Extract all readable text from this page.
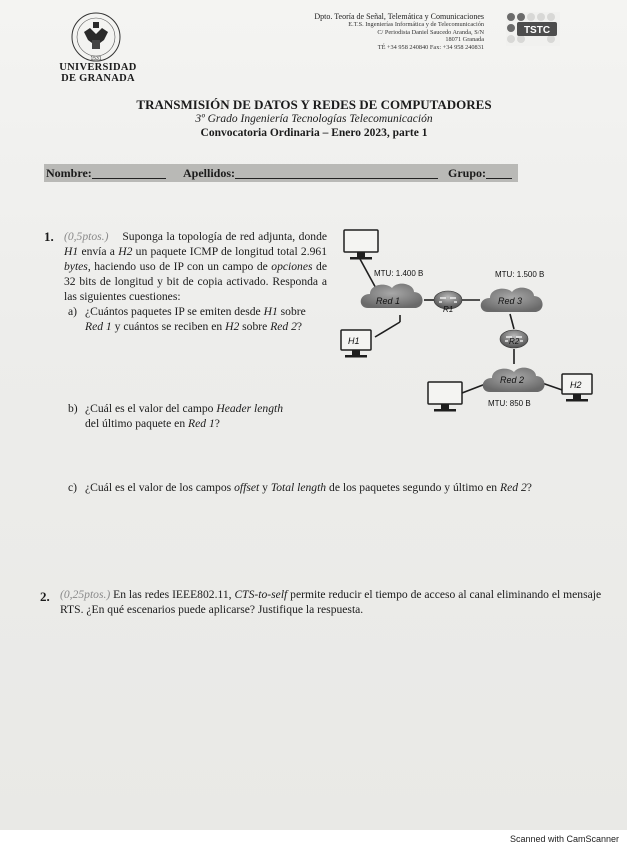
1531
UNIVERSIDAD
DE GRANADA
Dpto. Teoría de Señal, Telemática y Comunicaciones
E.T.S. Ingenierías Informática y de Telecomunicación
C/ Periodista Daniel Saucedo Aranda, S/N
18071 Granada
TÉ +34 958 240840 Fax: +34 958 240831
TSTC
TRANSMISIÓN DE DATOS Y REDES DE COMPUTADORES
3º Grado Ingeniería Tecnologías Telecomunicación
Convocatoria Ordinaria – Enero 2023, parte 1
Nombre:	Apellidos:	Grupo:
1. (0,5ptos.) Suponga la topología de red adjunta, donde H1 envía a H2 un paquete ICMP de longitud total 2.961 bytes, haciendo uso de IP con un campo de opciones de 32 bits de longitud y bit de copia activado. Responda a las siguientes cuestiones:
a) ¿Cuántos paquetes IP se emiten desde H1 sobre
Red 1 y cuántos se reciben en H2 sobre Red 2?
b) ¿Cuál es el valor del campo Header length
del último paquete en Red 1?
c) ¿Cuál es el valor de los campos offset y Total length de los paquetes segundo y último en Red 2?
Red 1
MTU: 1.400 B
R1
Red 3
MTU: 1.500 B
R2
Red 2
MTU: 850 B
H1
H2
2. (0,25ptos.) En las redes IEEE802.11, CTS-to-self permite reducir el tiempo de acceso al canal eliminando el mensaje RTS. ¿En qué escenarios puede aplicarse? Justifique la respuesta.
Scanned with CamScanner
